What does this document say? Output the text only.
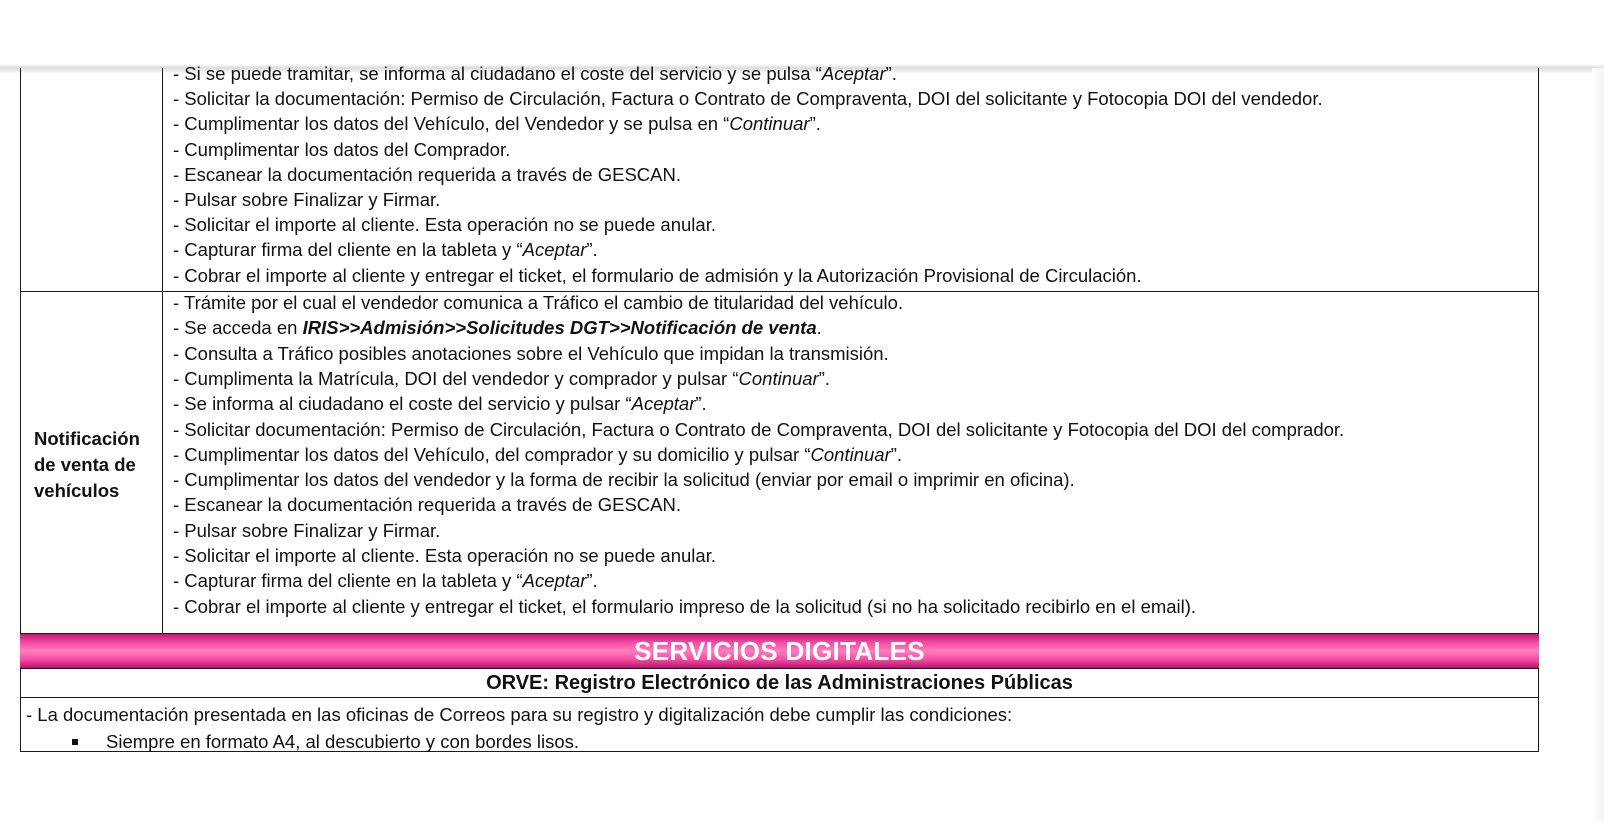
- Si se puede tramitar, se informa al ciudadano el coste del servicio y se pulsa “Aceptar”.
- Solicitar la documentación: Permiso de Circulación, Factura o Contrato de Compraventa, DOI del solicitante y Fotocopia DOI del vendedor.
- Cumplimentar los datos del Vehículo, del Vendedor y se pulsa en “Continuar”.
- Cumplimentar los datos del Comprador.
- Escanear la documentación requerida a través de GESCAN.
- Pulsar sobre Finalizar y Firmar.
- Solicitar el importe al cliente. Esta operación no se puede anular.
- Capturar firma del cliente en la tableta y “Aceptar”.
- Cobrar el importe al cliente y entregar el ticket, el formulario de admisión y la Autorización Provisional de Circulación.
Notificación
de venta de
vehículos
- Trámite por el cual el vendedor comunica a Tráfico el cambio de titularidad del vehículo.
- Se acceda en IRIS>>Admisión>>Solicitudes DGT>>Notificación de venta.
- Consulta a Tráfico posibles anotaciones sobre el Vehículo que impidan la transmisión.
- Cumplimenta la Matrícula, DOI del vendedor y comprador y pulsar “Continuar”.
- Se informa al ciudadano el coste del servicio y pulsar “Aceptar”.
- Solicitar documentación: Permiso de Circulación, Factura o Contrato de Compraventa, DOI del solicitante y Fotocopia del DOI del comprador.
- Cumplimentar los datos del Vehículo, del comprador y su domicilio y pulsar “Continuar”.
- Cumplimentar los datos del vendedor y la forma de recibir la solicitud (enviar por email o imprimir en oficina).
- Escanear la documentación requerida a través de GESCAN.
- Pulsar sobre Finalizar y Firmar.
- Solicitar el importe al cliente. Esta operación no se puede anular.
- Capturar firma del cliente en la tableta y “Aceptar”.
- Cobrar el importe al cliente y entregar el ticket, el formulario impreso de la solicitud (si no ha solicitado recibirlo en el email).
SERVICIOS DIGITALES
ORVE: Registro Electrónico de las Administraciones Públicas
- La documentación presentada en las oficinas de Correos para su registro y digitalización debe cumplir las condiciones:
Siempre en formato A4, al descubierto y con bordes lisos.
